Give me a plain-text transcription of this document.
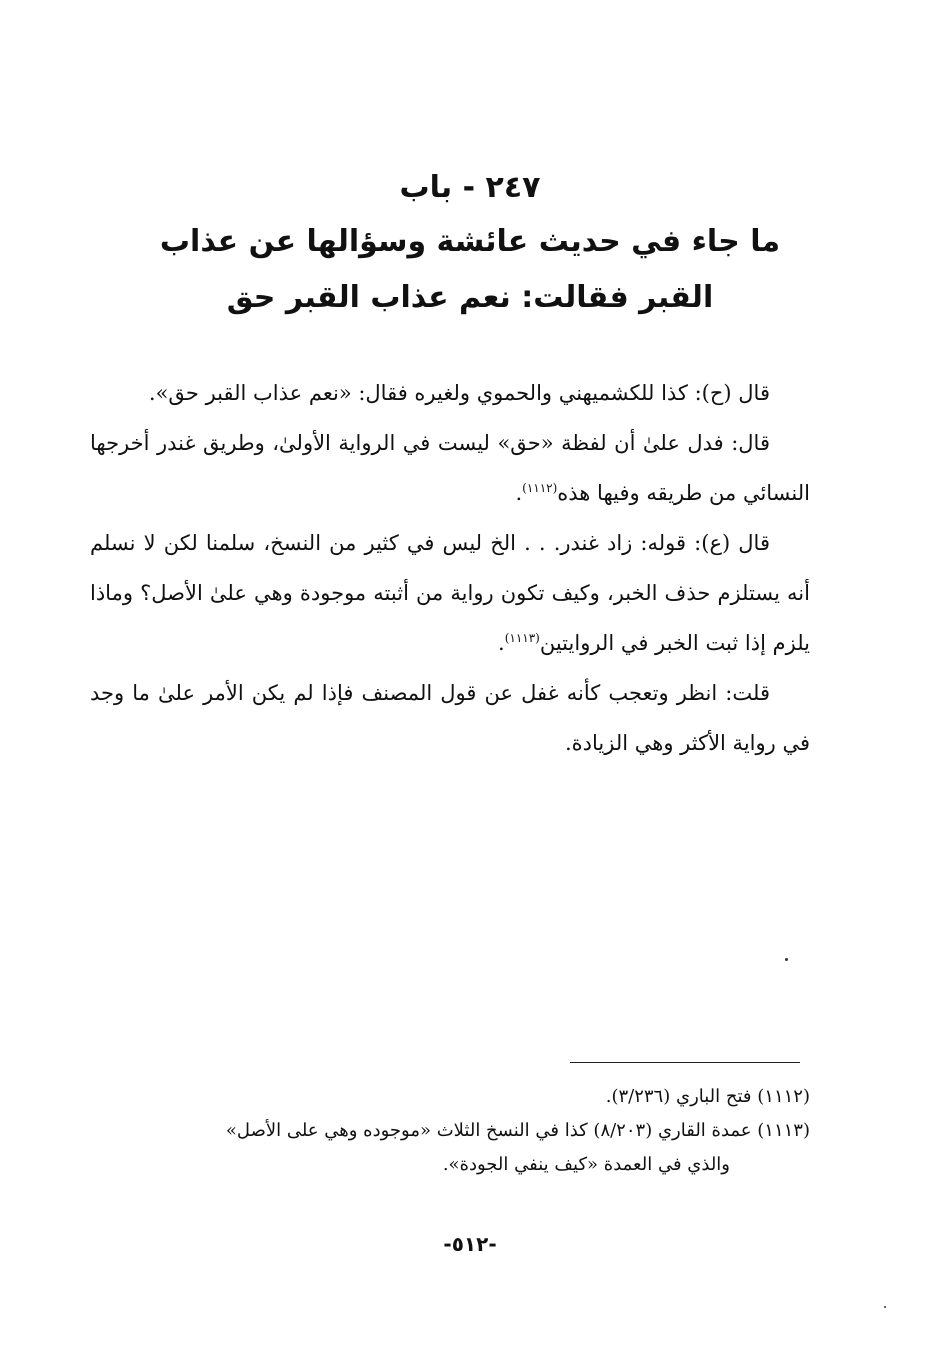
٢٤٧ - باب
ما جاء في حديث عائشة وسؤالها عن عذاب
القبر فقالت: نعم عذاب القبر حق

قال (ح): كذا للكشميهني والحموي ولغيره فقال: «نعم عذاب القبر حق».

قال: فدل علىٰ أن لفظة «حق» ليست في الرواية الأولىٰ، وطريق غندر أخرجها النسائي من طريقه وفيها هذه$^{(١١١٢)}$.

قال (ع): قوله: زاد غندر. . . الخ ليس في كثير من النسخ، سلمنا لكن لا نسلم أنه يستلزم حذف الخبر، وكيف تكون رواية من أثبته موجودة وهي علىٰ الأصل؟ وماذا يلزم إذا ثبت الخبر في الروايتين$^{(١١١٣)}$.

قلت: انظر وتعجب كأنه غفل عن قول المصنف فإذا لم يكن الأمر علىٰ ما وجد في رواية الأكثر وهي الزيادة.

(١١١٢) فتح الباري (٣/٢٣٦).

(١١١٣) عمدة القاري (٨/٢٠٣) كذا في النسخ الثلاث «موجوده وهي على الأصل»

والذي في العمدة «كيف ينفي الجودة».

-٥١٢-
